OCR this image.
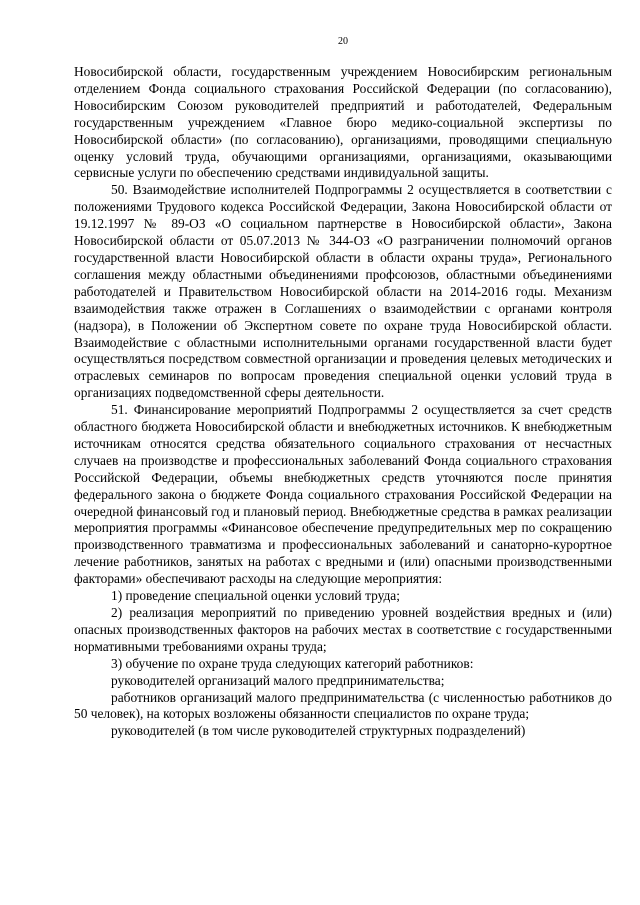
20

Новосибирской области, государственным учреждением Новосибирским региональным отделением Фонда социального страхования Российской Федерации (по согласованию), Новосибирским Союзом руководителей предприятий и работодателей, Федеральным государственным учреждением «Главное бюро медико-социальной экспертизы по Новосибирской области» (по согласованию), организациями, проводящими специальную оценку условий труда, обучающими организациями, организациями, оказывающими сервисные услуги по обеспечению средствами индивидуальной защиты.

50. Взаимодействие исполнителей Подпрограммы 2 осуществляется в соответствии с положениями Трудового кодекса Российской Федерации, Закона Новосибирской области от 19.12.1997 № 89-ОЗ «О социальном партнерстве в Новосибирской области», Закона Новосибирской области от 05.07.2013 № 344-ОЗ «О разграничении полномочий органов государственной власти Новосибирской области в области охраны труда», Регионального соглашения между областными объединениями профсоюзов, областными объединениями работодателей и Правительством Новосибирской области на 2014-2016 годы. Механизм взаимодействия также отражен в Соглашениях о взаимодействии с органами контроля (надзора), в Положении об Экспертном совете по охране труда Новосибирской области. Взаимодействие с областными исполнительными органами государственной власти будет осуществляться посредством совместной организации и проведения целевых методических и отраслевых семинаров по вопросам проведения специальной оценки условий труда в организациях подведомственной сферы деятельности.

51. Финансирование мероприятий Подпрограммы 2 осуществляется за счет средств областного бюджета Новосибирской области и внебюджетных источников. К внебюджетным источникам относятся средства обязательного социального страхования от несчастных случаев на производстве и профессиональных заболеваний Фонда социального страхования Российской Федерации, объемы внебюджетных средств уточняются после принятия федерального закона о бюджете Фонда социального страхования Российской Федерации на очередной финансовый год и плановый период. Внебюджетные средства в рамках реализации мероприятия программы «Финансовое обеспечение предупредительных мер по сокращению производственного травматизма и профессиональных заболеваний и санаторно-курортное лечение работников, занятых на работах с вредными и (или) опасными производственными факторами» обеспечивают расходы на следующие мероприятия:

1) проведение специальной оценки условий труда;

2) реализация мероприятий по приведению уровней воздействия вредных и (или) опасных производственных факторов на рабочих местах в соответствие с государственными нормативными требованиями охраны труда;

3) обучение по охране труда следующих категорий работников:

руководителей организаций малого предпринимательства;

работников организаций малого предпринимательства (с численностью работников до 50 человек), на которых возложены обязанности специалистов по охране труда;

руководителей (в том числе руководителей структурных подразделений)
